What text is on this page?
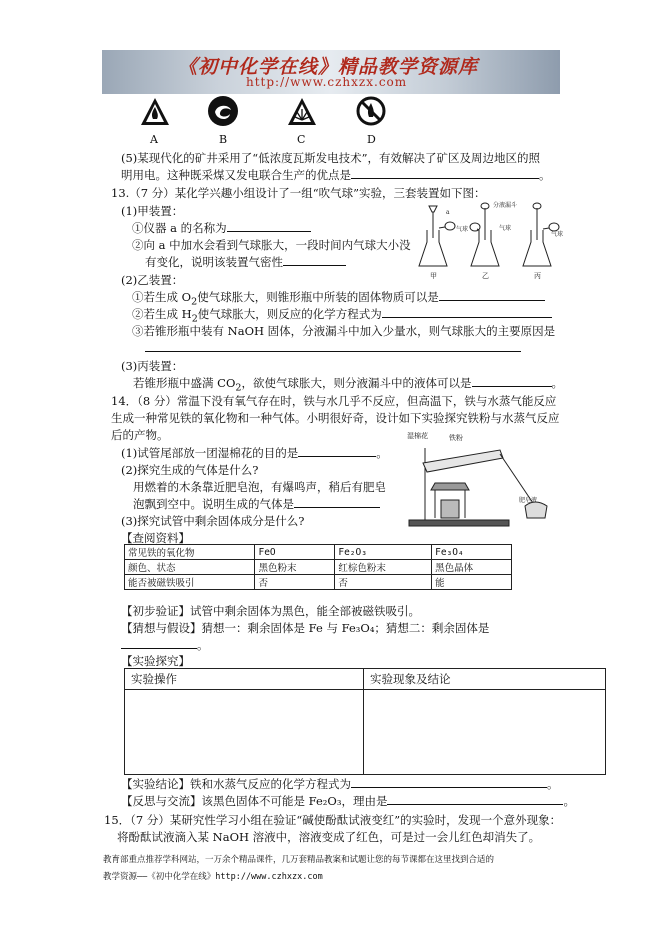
《初中化学在线》精品教学资源库
http://www.czhxzx.com
A	B	C	D
(5)某现代化的矿井采用了“低浓度瓦斯发电技术”，有效解决了矿区及周边地区的照
明用电。这种既采煤又发电联合生产的优点是	。
13.（7 分）某化学兴趣小组设计了一组“吹气球”实验，三套装置如下图：
(1)甲装置：
①仪器 a 的名称为
②向 a 中加水会看到气球胀大，一段时间内气球大小没
有变化，说明该装置气密性
a
气球
分液漏斗
气球
气球
甲	乙	丙
(2)乙装置：
①若生成 $O_2$使气球胀大，则锥形瓶中所装的固体物质可以是
②若生成 $H_2$使气球胀大，则反应的化学方程式为
③若锥形瓶中装有 NaOH 固体，分液漏斗中加入少量水，则气球胀大的主要原因是
(3)丙装置：
若锥形瓶中盛满 $CO_2$，欲使气球胀大，则分液漏斗中的液体可以是	。
14．（8 分）常温下没有氧气存在时，铁与水几乎不反应，但高温下，铁与水蒸气能反应
生成一种常见铁的氧化物和一种气体。小明很好奇，设计如下实验探究铁粉与水蒸气反应
后的产物。
(1)试管尾部放一团湿棉花的目的是	。
(2)探究生成的气体是什么?
用燃着的木条靠近肥皂泡，有爆鸣声，稍后有肥皂
泡飘到空中。说明生成的气体是
(3)探究试管中剩余固体成分是什么?
湿棉花	铁粉
肥皂液
【查阅资料】
常见铁的氧化物	FeO	Fe₂O₃	Fe₃O₄
颜色、状态	黑色粉末	红棕色粉末	黑色晶体
能否被磁铁吸引	否	否	能
【初步验证】试管中剩余固体为黑色，能全部被磁铁吸引。
【猜想与假设】猜想一：剩余固体是 Fe 与 Fe₃O₄；猜想二：剩余固体是
。
【实验探究】
实验操作	实验现象及结论

【实验结论】铁和水蒸气反应的化学方程式为	。
【反思与交流】该黑色固体不可能是 Fe₂O₃，理由是	。
15．（7 分）某研究性学习小组在验证“碱使酚酞试液变红”的实验时，发现一个意外现象：
将酚酞试液滴入某 NaOH 溶液中，溶液变成了红色，可是过一会儿红色却消失了。
教育部重点推荐学科网站，一万余个精品课件，几万套精品教案和试题让您的每节课都在这里找到合适的
教学资源——《初中化学在线》http://www.czhxzx.com
